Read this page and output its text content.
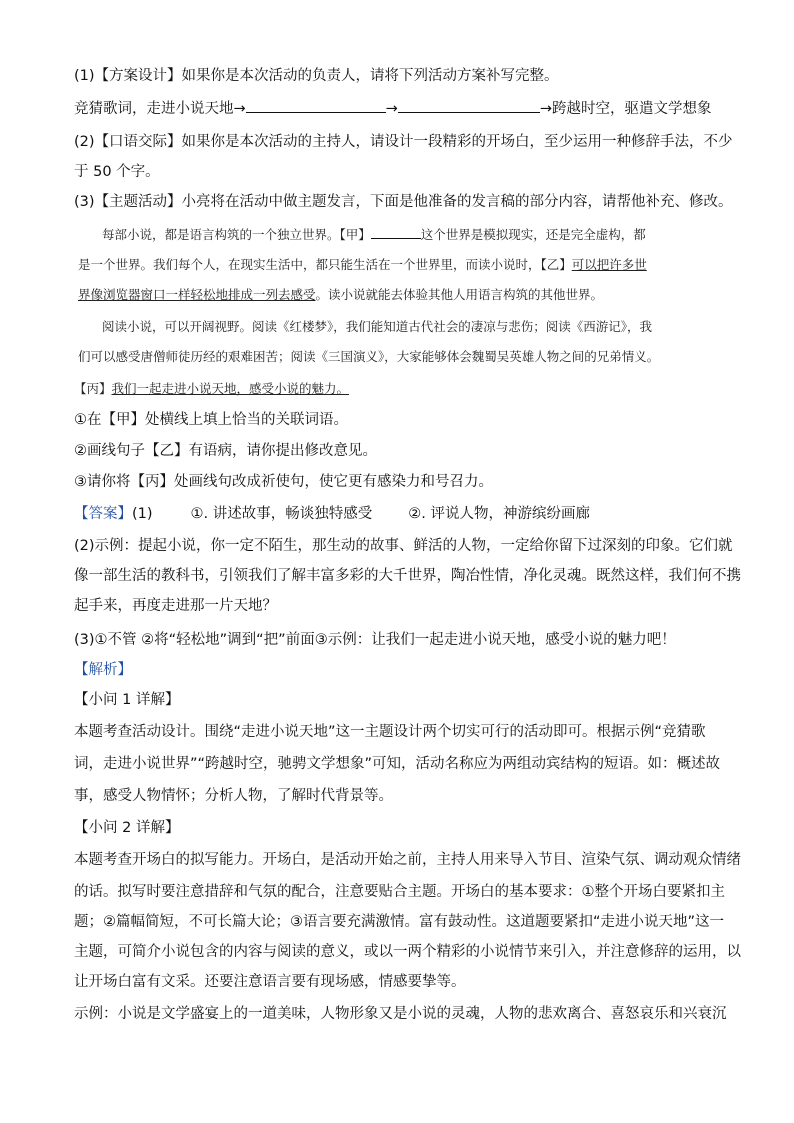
(1)【方案设计】如果你是本次活动的负责人，请将下列活动方案补写完整。
竞猜歌词，走进小说天地→	→	→跨越时空，驱遣文学想象
(2)【口语交际】如果你是本次活动的主持人，请设计一段精彩的开场白，至少运用一种修辞手法，不少
于 50 个字。
(3)【主题活动】小亮将在活动中做主题发言，下面是他准备的发言稿的部分内容，请帮他补充、修改。
每部小说，都是语言构筑的一个独立世界。【甲】	这个世界是模拟现实，还是完全虚构，都
是一个世界。我们每个人，在现实生活中，都只能生活在一个世界里，而读小说时，【乙】可以把许多世
界像浏览器窗口一样轻松地排成一列去感受。读小说就能去体验其他人用语言构筑的其他世界。
阅读小说，可以开阔视野。阅读《红楼梦》，我们能知道古代社会的凄凉与悲伤；阅读《西游记》，我
们可以感受唐僧师徒历经的艰难困苦；阅读《三国演义》，大家能够体会魏蜀吴英雄人物之间的兄弟情义。
【丙】我们一起走进小说天地，感受小说的魅力。
①在【甲】处横线上填上恰当的关联词语。
②画线句子【乙】有语病，请你提出修改意见。
③请你将【丙】处画线句改成祈使句，使它更有感染力和号召力。
【答案】(1)	①. 讲述故事，畅谈独特感受 ②. 评说人物，神游缤纷画廊
(2)示例：提起小说，你一定不陌生，那生动的故事、鲜活的人物，一定给你留下过深刻的印象。它们就
像一部生活的教科书，引领我们了解丰富多彩的大千世界，陶冶性情，净化灵魂。既然这样，我们何不携
起手来，再度走进那一片天地？
(3)①不管 ②将“轻松地”调到“把”前面③示例：让我们一起走进小说天地，感受小说的魅力吧！
【解析】
【小问 1 详解】
本题考查活动设计。围绕“走进小说天地”这一主题设计两个切实可行的活动即可。根据示例“竞猜歌
词，走进小说世界”“跨越时空，驰骋文学想象”可知，活动名称应为两组动宾结构的短语。如：概述故
事，感受人物情怀；分析人物，了解时代背景等。
【小问 2 详解】
本题考查开场白的拟写能力。开场白，是活动开始之前，主持人用来导入节目、渲染气氛、调动观众情绪
的话。拟写时要注意措辞和气氛的配合，注意要贴合主题。开场白的基本要求：①整个开场白要紧扣主
题；②篇幅简短，不可长篇大论；③语言要充满激情。富有鼓动性。这道题要紧扣“走进小说天地”这一
主题，可简介小说包含的内容与阅读的意义，或以一两个精彩的小说情节来引入，并注意修辞的运用，以
让开场白富有文采。还要注意语言要有现场感，情感要挚等。
示例：小说是文学盛宴上的一道美味，人物形象又是小说的灵魂，人物的悲欢离合、喜怒哀乐和兴衰沉
